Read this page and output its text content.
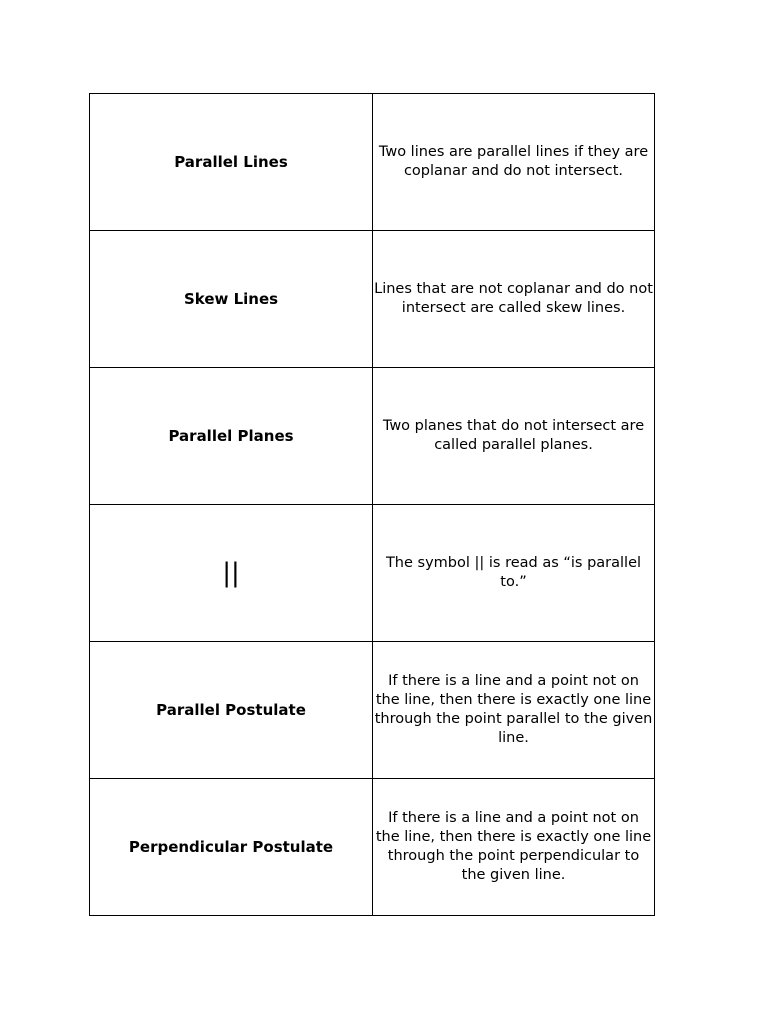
Parallel Lines	Two lines are parallel lines if they are coplanar and do not intersect.
Skew Lines	Lines that are not coplanar and do not intersect are called skew lines.
Parallel Planes	Two planes that do not intersect are called parallel planes.
||	The symbol || is read as “is parallel to.”
Parallel Postulate	If there is a line and a point not on the line, then there is exactly one line through the point parallel to the given line.
Perpendicular Postulate	If there is a line and a point not on the line, then there is exactly one line through the point perpendicular to the given line.
